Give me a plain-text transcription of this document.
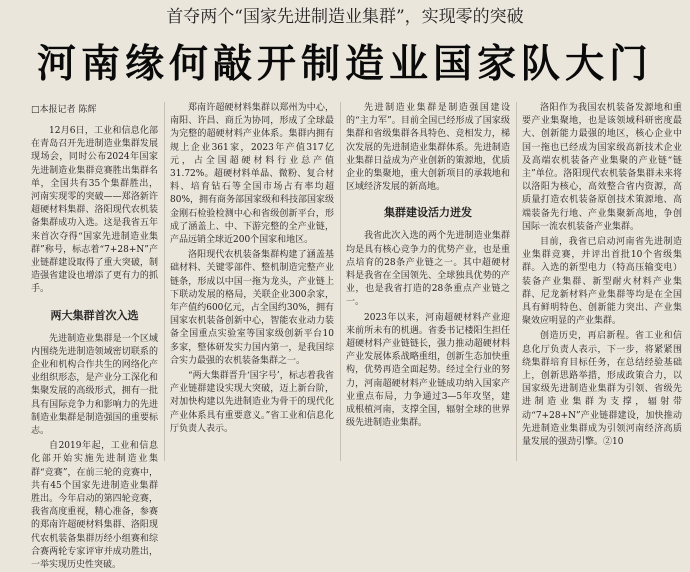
首夺两个“国家先进制造业集群”，实现零的突破
河南缘何敲开制造业国家队大门
□本报记者 陈辉

12月6日，工业和信息化部在青岛召开先进制造业集群发展现场会，同时公布2024年国家先进制造业集群竞赛胜出集群名单，全国共有35个集群胜出，河南实现零的突破——郑洛新许超硬材料集群、洛阳现代农机装备集群成功入选。这是我省五年来首次夺得“国家先进制造业集群”称号，标志着“7+28+N”产业链群建设取得了重大突破，制造强省建设也增添了更有力的抓手。

两大集群首次入选

先进制造业集群是一个区域内围绕先进制造领域密切联系的企业和机构合作共生的网络化产业组织形态，是产业分工深化和集聚发展的高级形式，拥有一批具有国际竞争力和影响力的先进制造业集群是制造强国的重要标志。

自2019年起，工业和信息化部开始实施先进制造业集群“竞赛”，在前三轮的竞赛中，共有45个国家先进制造业集群胜出。今年启动的第四轮竞赛，我省高度重视，精心准备，参赛的郑南许超硬材料集群、洛阳现代农机装备集群历经小组赛和综合赛两轮专家评审并成功胜出，一举实现历史性突破。

郑南许超硬材料集群以郑州为中心，南阳、许昌、商丘为协同，形成了全球最为完整的超硬材料产业体系。集群内拥有规上企业361家，2023年产值317亿元，占全国超硬材料行业总产值31.72%。超硬材料单晶、微粉、复合材料、培育钻石等全国市场占有率均超80%，拥有商务部国家级和科技部国家级金刚石检验检测中心和省级创新平台，形成了涵盖上、中、下游完整的全产业链，产品远销全球近200个国家和地区。

洛阳现代农机装备集群构建了涵盖基础材料、关键零部件、整机制造完整产业链条，形成以中国一拖为龙头，产业链上下联动发展的格局，关联企业300余家，年产值约600亿元，占全国约30%，拥有国家农机装备创新中心，智能农业动力装备全国重点实验室等国家级创新平台10多家，整体研发实力国内第一，是我国综合实力最强的农机装备集群之一。

“两大集群晋升‘国字号’，标志着我省产业链群建设实现大突破，迈上新台阶，对加快构建以先进制造业为骨干的现代化产业体系具有重要意义。”省工业和信息化厅负责人表示。

先进制造业集群是制造强国建设的“主力军”。目前全国已经形成了国家级集群和省级集群各具特色、竞相发力，梯次发展的先进制造业集群体系。先进制造业集群日益成为产业创新的策源地，优质企业的集聚地，重大创新项目的承载地和区域经济发展的新高地。

集群建设活力迸发

我省此次入选的两个先进制造业集群均是具有核心竞争力的优势产业，也是重点培育的28条产业链之一。其中超硬材料是我省在全国领先、全球独具优势的产业，也是我省打造的28条重点产业链之一。

2023年以来，河南超硬材料产业迎来前所未有的机遇。省委书记楼阳生担任超硬材料产业链链长，强力推动超硬材料产业发展体系战略重组，创新生态加快重构，优势再造全面起势。经过全行业的努力，河南超硬材料产业链成功纳入国家产业重点布局，力争通过3—5年攻坚，建成根植河南，支撑全国，辐射全球的世界级先进制造业集群。

洛阳作为我国农机装备发源地和重要产业集聚地，也是该领域科研密度最大、创新能力最强的地区，核心企业中国一拖也已经成为国家级高新技术企业及高端农机装备产业集聚的产业链“链主”单位。洛阳现代农机装备集群未来将以洛阳为核心，高效整合省内资源，高质量打造农机装备原创技术策源地、高端装备先行地、产业集聚新高地，争创国际一流农机装备产业集群。

目前，我省已启动河南省先进制造业集群竞赛，并评出首批10个省级集群。入选的新型电力（特高压输变电）装备产业集群、新型耐火材料产业集群、尼龙新材料产业集群等均是在全国具有鲜明特色、创新能力突出、产业集聚效应明显的产业集群。

创造历史，再启新程。省工业和信息化厅负责人表示，下一步，将紧紧围绕集群培育目标任务，在总结经验基础上，创新思路举措，形成政策合力，以国家级先进制造业集群为引领、省级先进制造业集群为支撑，辐射带动“7+28+N”产业链群建设，加快推动先进制造业集群成为引领河南经济高质量发展的强劲引擎。②10
